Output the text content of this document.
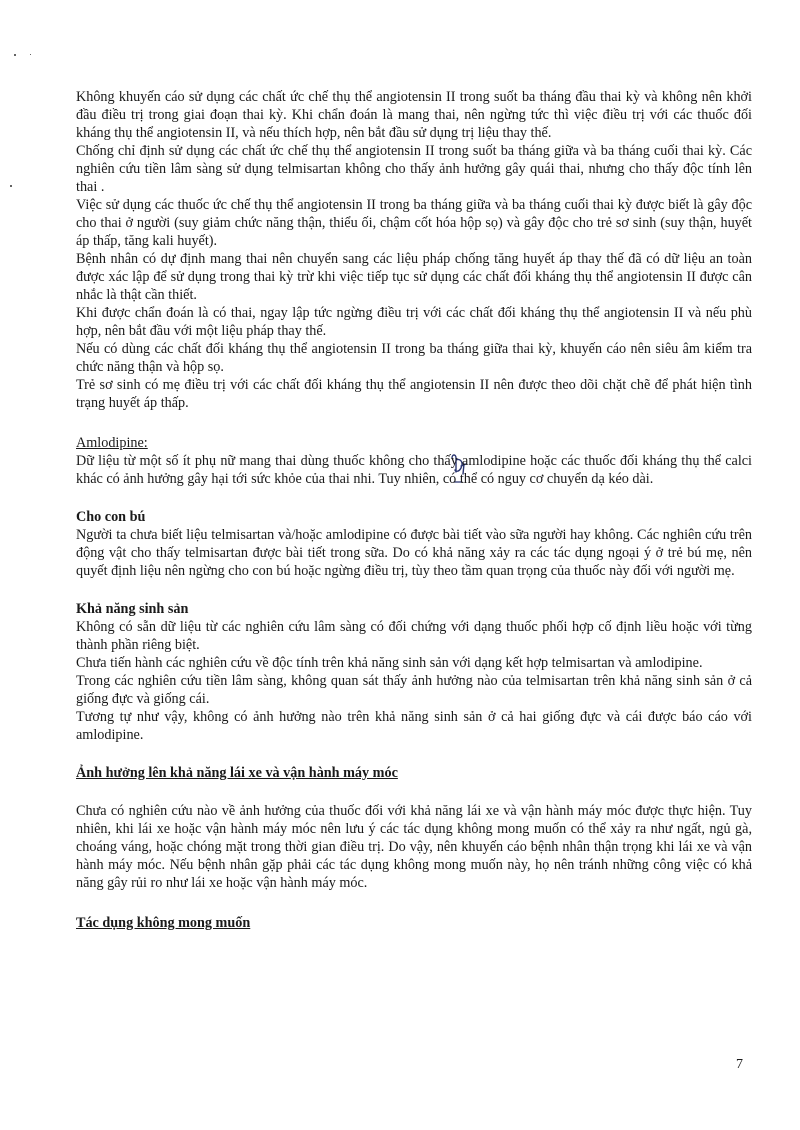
Không khuyến cáo sử dụng các chất ức chế thụ thể angiotensin II trong suốt ba tháng đầu thai kỳ và không nên khởi đầu điều trị trong giai đoạn thai kỳ. Khi chẩn đoán là mang thai, nên ngừng tức thì việc điều trị với các thuốc đối kháng thụ thể angiotensin II, và nếu thích hợp, nên bắt đầu sử dụng trị liệu thay thế.

Chống chỉ định sử dụng các chất ức chế thụ thể angiotensin II trong suốt ba tháng giữa và ba tháng cuối thai kỳ. Các nghiên cứu tiền lâm sàng sử dụng telmisartan không cho thấy ảnh hưởng gây quái thai, nhưng cho thấy độc tính lên thai .

Việc sử dụng các thuốc ức chế thụ thể angiotensin II trong ba tháng giữa và ba tháng cuối thai kỳ được biết là gây độc cho thai ở người (suy giảm chức năng thận, thiểu ối, chậm cốt hóa hộp sọ) và gây độc cho trẻ sơ sinh (suy thận, huyết áp thấp, tăng kali huyết).

Bệnh nhân có dự định mang thai nên chuyển sang các liệu pháp chống tăng huyết áp thay thế đã có dữ liệu an toàn được xác lập để sử dụng trong thai kỳ trừ khi việc tiếp tục sử dụng các chất đối kháng thụ thể angiotensin II được cân nhắc là thật cần thiết.

Khi được chẩn đoán là có thai, ngay lập tức ngừng điều trị với các chất đối kháng thụ thể angiotensin II và nếu phù hợp, nên bắt đầu với một liệu pháp thay thế.

Nếu có dùng các chất đối kháng thụ thể angiotensin II trong ba tháng giữa thai kỳ, khuyến cáo nên siêu âm kiểm tra chức năng thận và hộp sọ.

Trẻ sơ sinh có mẹ điều trị với các chất đối kháng thụ thể angiotensin II nên được theo dõi chặt chẽ để phát hiện tình trạng huyết áp thấp.

Amlodipine:

Dữ liệu từ một số ít phụ nữ mang thai dùng thuốc không cho thấy amlodipine hoặc các thuốc đối kháng thụ thể calci khác có ảnh hưởng gây hại tới sức khỏe của thai nhi. Tuy nhiên, có thể có nguy cơ chuyển dạ kéo dài.

Cho con bú

Người ta chưa biết liệu telmisartan và/hoặc amlodipine có được bài tiết vào sữa người hay không. Các nghiên cứu trên động vật cho thấy telmisartan được bài tiết trong sữa. Do có khả năng xảy ra các tác dụng ngoại ý ở trẻ bú mẹ, nên quyết định liệu nên ngừng cho con bú hoặc ngừng điều trị, tùy theo tầm quan trọng của thuốc này đối với người mẹ.

Khả năng sinh sản

Không có sẵn dữ liệu từ các nghiên cứu lâm sàng có đối chứng với dạng thuốc phối hợp cố định liều hoặc với từng thành phần riêng biệt.

Chưa tiến hành các nghiên cứu về độc tính trên khả năng sinh sản với dạng kết hợp telmisartan và amlodipine.

Trong các nghiên cứu tiền lâm sàng, không quan sát thấy ảnh hưởng nào của telmisartan trên khả năng sinh sản ở cả giống đực và giống cái.

Tương tự như vậy, không có ảnh hưởng nào trên khả năng sinh sản ở cả hai giống đực và cái được báo cáo với amlodipine.

Ảnh hưởng lên khả năng lái xe và vận hành máy móc

Chưa có nghiên cứu nào về ảnh hưởng của thuốc đối với khả năng lái xe và vận hành máy móc được thực hiện. Tuy nhiên, khi lái xe hoặc vận hành máy móc nên lưu ý các tác dụng không mong muốn có thể xảy ra như ngất, ngủ gà, choáng váng, hoặc chóng mặt trong thời gian điều trị. Do vậy, nên khuyến cáo bệnh nhân thận trọng khi lái xe và vận hành máy móc. Nếu bệnh nhân gặp phải các tác dụng không mong muốn này, họ nên tránh những công việc có khả năng gây rủi ro như lái xe hoặc vận hành máy móc.

Tác dụng không mong muốn

7
